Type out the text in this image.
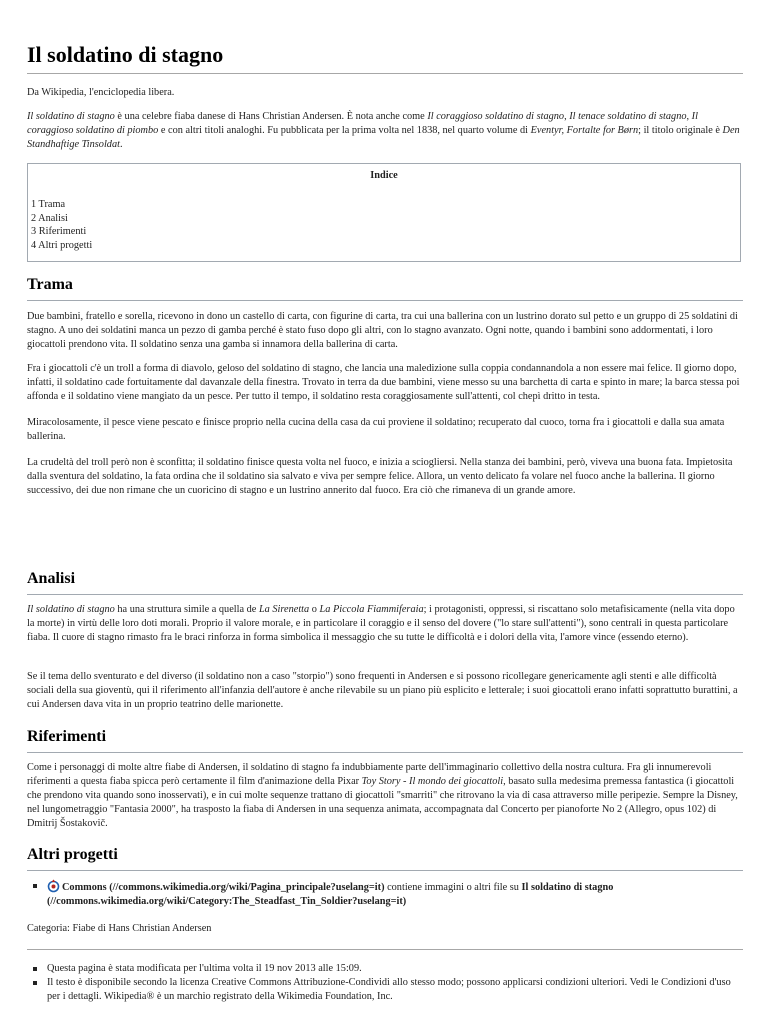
Il soldatino di stagno

Da Wikipedia, l'enciclopedia libera.

Il soldatino di stagno è una celebre fiaba danese di Hans Christian Andersen. È nota anche come Il coraggioso soldatino di stagno, Il tenace soldatino di stagno, Il coraggioso soldatino di piombo e con altri titoli analoghi. Fu pubblicata per la prima volta nel 1838, nel quarto volume di Eventyr, Fortalte for Børn; il titolo originale è Den Standhaftige Tinsoldat.

Indice
1 Trama
2 Analisi
3 Riferimenti
4 Altri progetti
Trama

Due bambini, fratello e sorella, ricevono in dono un castello di carta, con figurine di carta, tra cui una ballerina con un lustrino dorato sul petto e un gruppo di 25 soldatini di stagno. A uno dei soldatini manca un pezzo di gamba perché è stato fuso dopo gli altri, con lo stagno avanzato. Ogni notte, quando i bambini sono addormentati, i loro giocattoli prendono vita. Il soldatino senza una gamba si innamora della ballerina di carta.

Fra i giocattoli c'è un troll a forma di diavolo, geloso del soldatino di stagno, che lancia una maledizione sulla coppia condannandola a non essere mai felice. Il giorno dopo, infatti, il soldatino cade fortuitamente dal davanzale della finestra. Trovato in terra da due bambini, viene messo su una barchetta di carta e spinto in mare; la barca stessa poi affonda e il soldatino viene mangiato da un pesce. Per tutto il tempo, il soldatino resta coraggiosamente sull'attenti, col chepì dritto in testa.

Miracolosamente, il pesce viene pescato e finisce proprio nella cucina della casa da cui proviene il soldatino; recuperato dal cuoco, torna fra i giocattoli e dalla sua amata ballerina.

La crudeltà del troll però non è sconfitta; il soldatino finisce questa volta nel fuoco, e inizia a sciogliersi. Nella stanza dei bambini, però, viveva una buona fata. Impietosita dalla sventura del soldatino, la fata ordina che il soldatino sia salvato e viva per sempre felice. Allora, un vento delicato fa volare nel fuoco anche la ballerina. Il giorno successivo, dei due non rimane che un cuoricino di stagno e un lustrino annerito dal fuoco. Era ciò che rimaneva di un grande amore.

Analisi

Il soldatino di stagno ha una struttura simile a quella de La Sirenetta o La Piccola Fiammiferaia; i protagonisti, oppressi, si riscattano solo metafisicamente (nella vita dopo la morte) in virtù delle loro doti morali. Proprio il valore morale, e in particolare il coraggio e il senso del dovere ("lo stare sull'attenti"), sono centrali in questa particolare fiaba. Il cuore di stagno rimasto fra le braci rinforza in forma simbolica il messaggio che su tutte le difficoltà e i dolori della vita, l'amore vince (essendo eterno).

Se il tema dello sventurato e del diverso (il soldatino non a caso "storpio") sono frequenti in Andersen e si possono ricollegare genericamente agli stenti e alle difficoltà sociali della sua gioventù, qui il riferimento all'infanzia dell'autore è anche rilevabile su un piano più esplicito e letterale; i suoi giocattoli erano infatti soprattutto burattini, a cui Andersen dava vita in un proprio teatrino delle marionette.

Riferimenti

Come i personaggi di molte altre fiabe di Andersen, il soldatino di stagno fa indubbiamente parte dell'immaginario collettivo della nostra cultura. Fra gli innumerevoli riferimenti a questa fiaba spicca però certamente il film d'animazione della Pixar Toy Story - Il mondo dei giocattoli, basato sulla medesima premessa fantastica (i giocattoli che prendono vita quando sono inosservati), e in cui molte sequenze trattano di giocattoli "smarriti" che ritrovano la via di casa attraverso mille peripezie. Sempre la Disney, nel lungometraggio "Fantasia 2000", ha trasposto la fiaba di Andersen in una sequenza animata, accompagnata dal Concerto per pianoforte No 2 (Allegro, opus 102) di Dmitrij Šostakovič.

Altri progetti
Commons (//commons.wikimedia.org/wiki/Pagina_principale?uselang=it) contiene immagini o altri file su Il soldatino di stagno (//commons.wikimedia.org/wiki/Category:The_Steadfast_Tin_Soldier?uselang=it)

Categoria: Fiabe di Hans Christian Andersen

Questa pagina è stata modificata per l'ultima volta il 19 nov 2013 alle 15:09.
Il testo è disponibile secondo la licenza Creative Commons Attribuzione-Condividi allo stesso modo; possono applicarsi condizioni ulteriori. Vedi le Condizioni d'uso per i dettagli. Wikipedia® è un marchio registrato della Wikimedia Foundation, Inc.
